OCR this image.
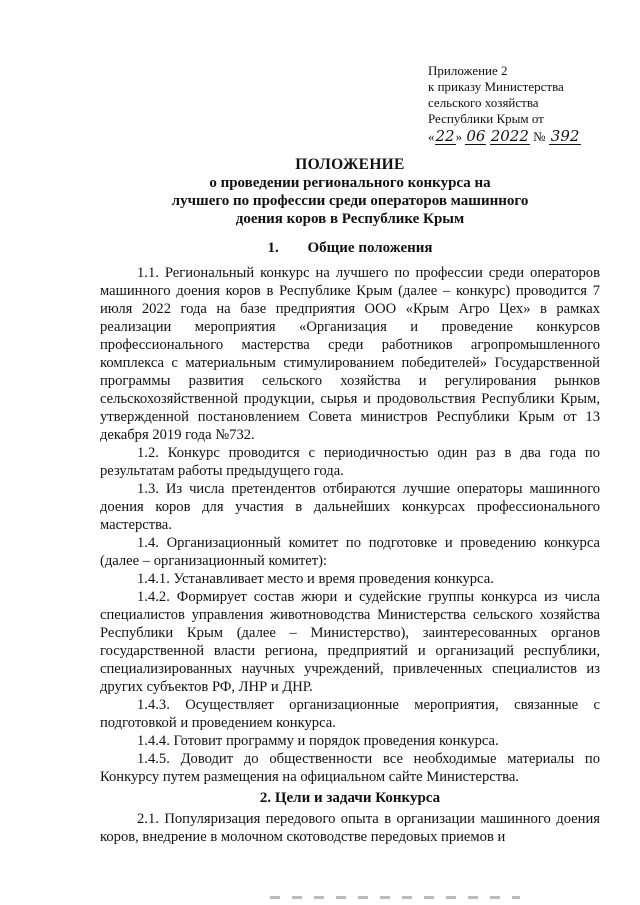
Приложение 2
к приказу Министерства
сельского хозяйства
Республики Крым от
«22» 06 2022 № 392
ПОЛОЖЕНИЕ
о проведении регионального конкурса на
лучшего по профессии среди операторов машинного
доения коров в Республике Крым
1. Общие положения

1.1. Региональный конкурс на лучшего по профессии среди операторов машинного доения коров в Республике Крым (далее – конкурс) проводится 7 июля 2022 года на базе предприятия ООО «Крым Агро Цех» в рамках реализации мероприятия «Организация и проведение конкурсов профессионального мастерства среди работников агропромышленного комплекса с материальным стимулированием победителей» Государственной программы развития сельского хозяйства и регулирования рынков сельскохозяйственной продукции, сырья и продовольствия Республики Крым, утвержденной постановлением Совета министров Республики Крым от 13 декабря 2019 года №732.

1.2. Конкурс проводится с периодичностью один раз в два года по результатам работы предыдущего года.

1.3. Из числа претендентов отбираются лучшие операторы машинного доения коров для участия в дальнейших конкурсах профессионального мастерства.

1.4. Организационный комитет по подготовке и проведению конкурса (далее – организационный комитет):

1.4.1. Устанавливает место и время проведения конкурса.

1.4.2. Формирует состав жюри и судейские группы конкурса из числа специалистов управления животноводства Министерства сельского хозяйства Республики Крым (далее – Министерство), заинтересованных органов государственной власти региона, предприятий и организаций республики, специализированных научных учреждений, привлеченных специалистов из других субъектов РФ, ЛНР и ДНР.

1.4.3. Осуществляет организационные мероприятия, связанные с подготовкой и проведением конкурса.

1.4.4. Готовит программу и порядок проведения конкурса.

1.4.5. Доводит до общественности все необходимые материалы по Конкурсу путем размещения на официальном сайте Министерства.

2. Цели и задачи Конкурса

2.1. Популяризация передового опыта в организации машинного доения коров, внедрение в молочном скотоводстве передовых приемов и
